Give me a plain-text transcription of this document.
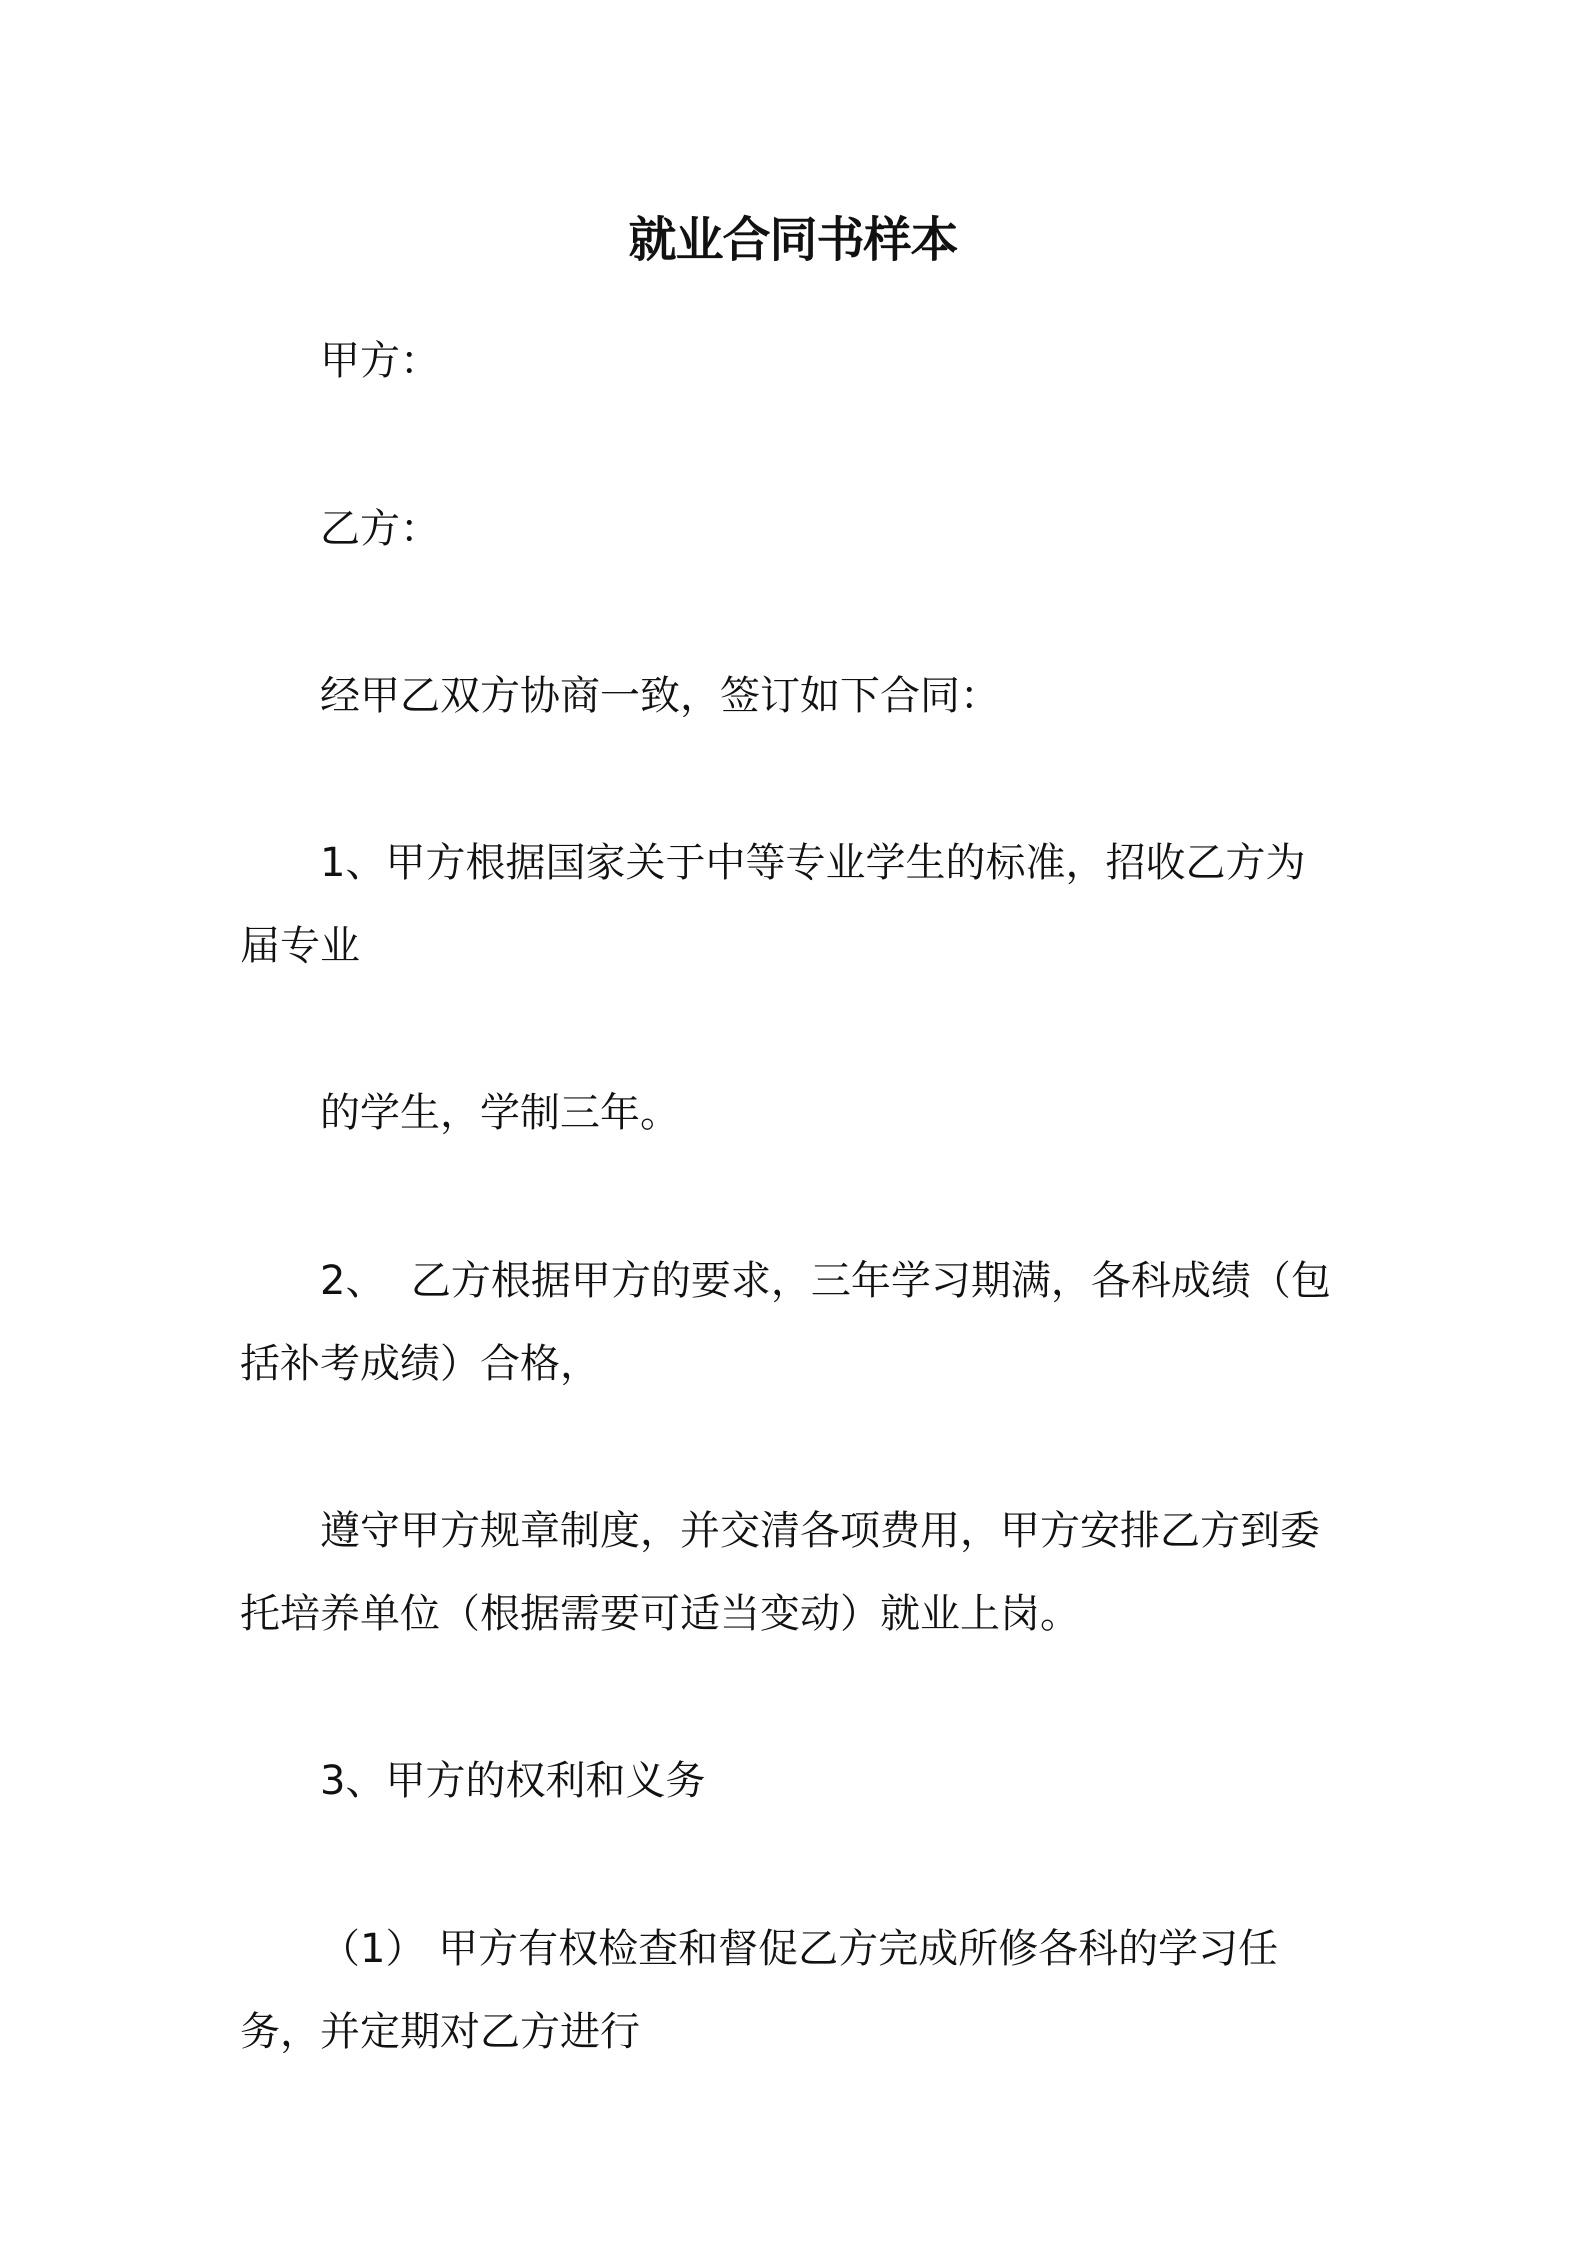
就业合同书样本

甲方：

乙方：

经甲乙双方协商一致，签订如下合同：

1、甲方根据国家关于中等专业学生的标准，招收乙方为  届专业

的学生，学制三年。

2、  乙方根据甲方的要求，三年学习期满，各科成绩（包括补考成绩）合格，

遵守甲方规章制度，并交清各项费用，甲方安排乙方到委托培养单位（根据需要可适当变动）就业上岗。

3、甲方的权利和义务

（1） 甲方有权检查和督促乙方完成所修各科的学习任务，并定期对乙方进行
